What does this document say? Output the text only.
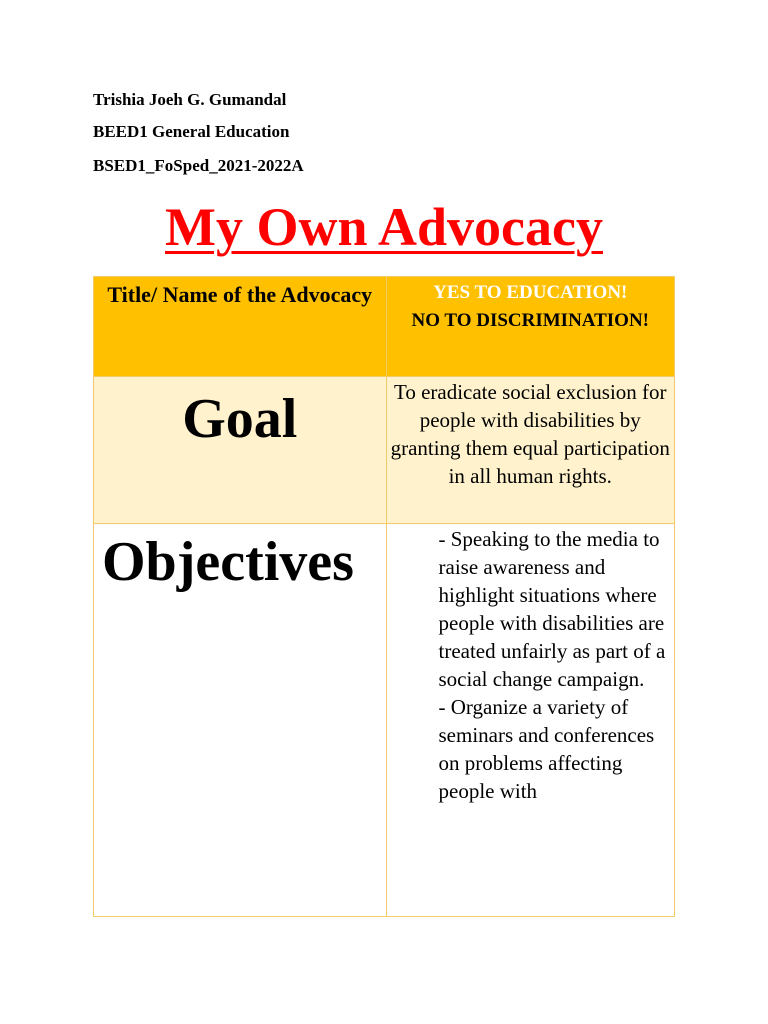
Trishia Joeh G. Gumandal
BEED1 General Education
BSED1_FoSped_2021-2022A
My Own Advocacy
Title/ Name of the Advocacy	YES TO EDUCATION!
NO TO DISCRIMINATION!

Goal	To eradicate social exclusion for people with disabilities by granting them equal participation in all human rights.

Objectives	- Speaking to the media to raise awareness and highlight situations where people with disabilities are treated unfairly as part of a social change campaign.

- Organize a variety of seminars and conferences on problems affecting people with
